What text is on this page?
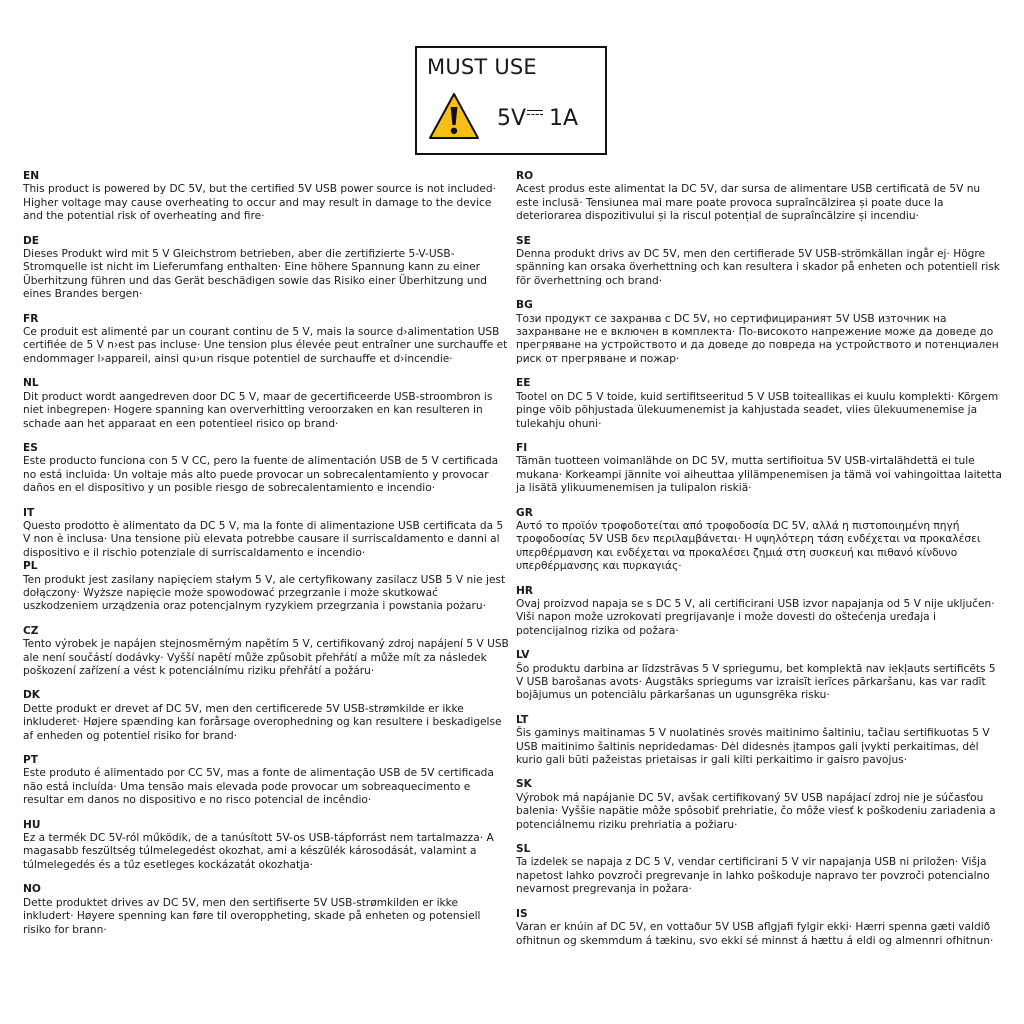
MUST USE
5V 1A
EN
This product is powered by DC 5V, but the certified 5V USB power source is not included· Higher voltage may cause overheating to occur and may result in damage to the device and the potential risk of overheating and fire·
DE
Dieses Produkt wird mit 5 V Gleichstrom betrieben, aber die zertifizierte 5-V-USB-Stromquelle ist nicht im Lieferumfang enthalten· Eine höhere Spannung kann zu einer Überhitzung führen und das Gerät beschädigen sowie das Risiko einer Überhitzung und eines Brandes bergen·
FR
Ce produit est alimenté par un courant continu de 5 V, mais la source d›alimentation USB certifiée de 5 V n›est pas incluse· Une tension plus élevée peut entraîner une surchauffe et endommager l›appareil, ainsi qu›un risque potentiel de surchauffe et d›incendie·
NL
Dit product wordt aangedreven door DC 5 V, maar de gecertificeerde USB-stroombron is niet inbegrepen· Hogere spanning kan oververhitting veroorzaken en kan resulteren in schade aan het apparaat en een potentieel risico op brand·
ES
Este producto funciona con 5 V CC, pero la fuente de alimentación USB de 5 V certificada no está incluida· Un voltaje más alto puede provocar un sobrecalentamiento y provocar daños en el dispositivo y un posible riesgo de sobrecalentamiento e incendio·
IT
Questo prodotto è alimentato da DC 5 V, ma la fonte di alimentazione USB certificata da 5 V non è inclusa· Una tensione più elevata potrebbe causare il surriscaldamento e danni al dispositivo e il rischio potenziale di surriscaldamento e incendio·
PL
Ten produkt jest zasilany napięciem stałym 5 V, ale certyfikowany zasilacz USB 5 V nie jest dołączony· Wyższe napięcie może spowodować przegrzanie i może skutkować uszkodzeniem urządzenia oraz potencjalnym ryzykiem przegrzania i powstania pożaru·
CZ
Tento výrobek je napájen stejnosměrným napětím 5 V, certifikovaný zdroj napájení 5 V USB ale není součástí dodávky· Vyšší napětí může způsobit přehřátí a může mít za následek poškození zařízení a vést k potenciálnímu riziku přehřátí a požáru·
DK
Dette produkt er drevet af DC 5V, men den certificerede 5V USB-strømkilde er ikke inkluderet· Højere spænding kan forårsage overophedning og kan resultere i beskadigelse af enheden og potentiel risiko for brand·
PT
Este produto é alimentado por CC 5V, mas a fonte de alimentação USB de 5V certificada não está incluída· Uma tensão mais elevada pode provocar um sobreaquecimento e resultar em danos no dispositivo e no risco potencial de incêndio·
HU
Ez a termék DC 5V-ról működik, de a tanúsított 5V-os USB-tápforrást nem tartalmazza· A magasabb feszültség túlmelegedést okozhat, ami a készülék károsodását, valamint a túlmelegedés és a tűz esetleges kockázatát okozhatja·
NO
Dette produktet drives av DC 5V, men den sertifiserte 5V USB-strømkilden er ikke inkludert· Høyere spenning kan føre til overoppheting, skade på enheten og potensiell risiko for brann·
RO
Acest produs este alimentat la DC 5V, dar sursa de alimentare USB certificată de 5V nu este inclusă· Tensiunea mai mare poate provoca supraîncălzirea și poate duce la deteriorarea dispozitivului și la riscul potențial de supraîncălzire și incendiu·
SE
Denna produkt drivs av DC 5V, men den certifierade 5V USB-strömkällan ingår ej· Högre spänning kan orsaka överhettning och kan resultera i skador på enheten och potentiell risk för överhettning och brand·
BG
Този продукт се захранва с DC 5V, но сертифицираният 5V USB източник на захранване не е включен в комплекта· По-високото напрежение може да доведе до прегряване на устройството и да доведе до повреда на устройството и потенциален риск от прегряване и пожар·
EE
Tootel on DC 5 V toide, kuid sertifitseeritud 5 V USB toiteallikas ei kuulu komplekti· Kõrgem pinge võib põhjustada ülekuumenemist ja kahjustada seadet, viies ülekuumenemise ja tulekahju ohuni·
FI
Tämän tuotteen voimanlähde on DC 5V, mutta sertifioitua 5V USB-virtalähdettä ei tule mukana· Korkeampi jännite voi aiheuttaa ylilämpenemisen ja tämä voi vahingoittaa laitetta ja lisätä ylikuumenemisen ja tulipalon riskiä·
GR
Αυτό το προϊόν τροφοδοτείται από τροφοδοσία DC 5V, αλλά η πιστοποιημένη πηγή τροφοδοσίας 5V USB δεν περιλαμβάνεται· Η υψηλότερη τάση ενδέχεται να προκαλέσει υπερθέρμανση και ενδέχεται να προκαλέσει ζημιά στη συσκευή και πιθανό κίνδυνο υπερθέρμανσης και πυρκαγιάς·
HR
Ovaj proizvod napaja se s DC 5 V, ali certificirani USB izvor napajanja od 5 V nije uključen· Viši napon može uzrokovati pregrijavanje i može dovesti do oštećenja uređaja i potencijalnog rizika od požara·
LV
Šo produktu darbina ar līdzstrāvas 5 V spriegumu, bet komplektā nav iekļauts sertificēts 5 V USB barošanas avots· Augstāks spriegums var izraisīt ierīces pārkaršanu, kas var radīt bojājumus un potenciālu pārkaršanas un ugunsgrēka risku·
LT
Šis gaminys maitinamas 5 V nuolatinės srovės maitinimo šaltiniu, tačiau sertifikuotas 5 V USB maitinimo šaltinis nepridedamas· Dėl didesnės įtampos gali įvykti perkaitimas, dėl kurio gali būti pažeistas prietaisas ir gali kilti perkaitimo ir gaisro pavojus·
SK
Výrobok má napájanie DC 5V, avšak certifikovaný 5V USB napájací zdroj nie je súčasťou balenia· Vyššie napätie môže spôsobiť prehriatie, čo môže viesť k poškodeniu zariadenia a potenciálnemu riziku prehriatia a požiaru·
SL
Ta izdelek se napaja z DC 5 V, vendar certificirani 5 V vir napajanja USB ni priložen· Višja napetost lahko povzroči pregrevanje in lahko poškoduje napravo ter povzroči potencialno nevarnost pregrevanja in požara·
IS
Varan er knúin af DC 5V, en vottaður 5V USB aflgjafi fylgir ekki· Hærri spenna gæti valdið ofhitnun og skemmdum á tækinu, svo ekki sé minnst á hættu á eldi og almennri ofhitnun·
